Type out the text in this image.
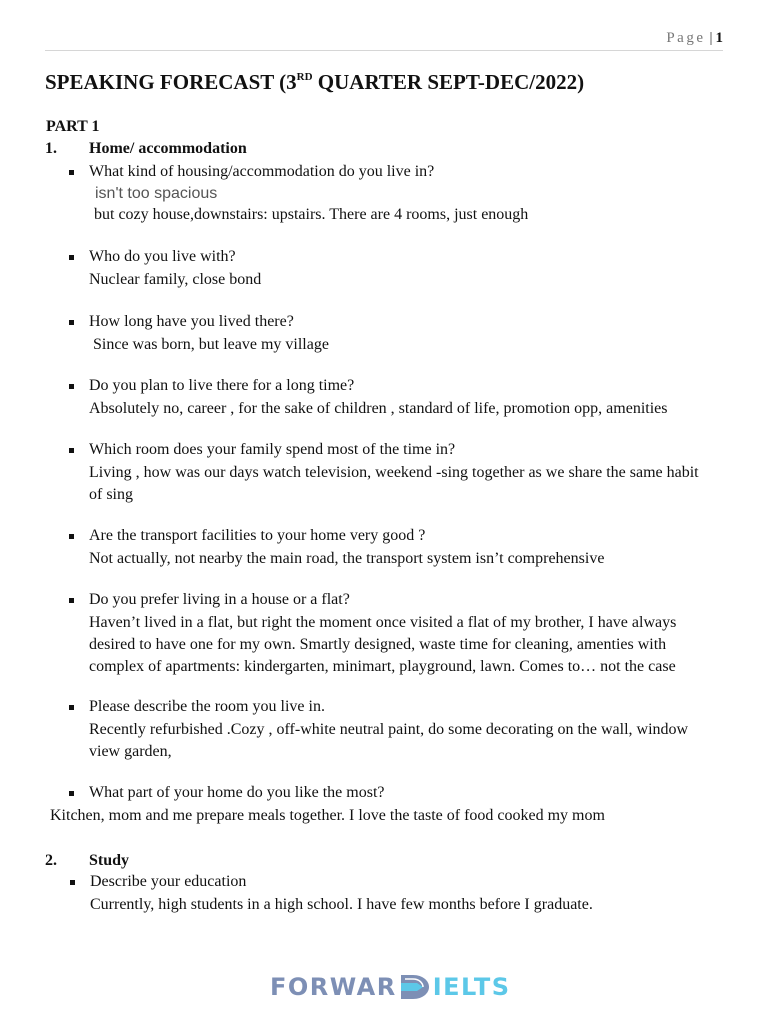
Page | 1
SPEAKING FORECAST (3RD QUARTER SEPT-DEC/2022)
PART 1
1. Home/ accommodation
What kind of housing/accommodation do you live in?
isn't too spacious
but cozy house,downstairs: upstairs. There are 4 rooms, just enough
Who do you live with?
Nuclear family, close bond
How long have you lived there?
Since was born, but leave my village
Do you plan to live there for a long time?
Absolutely no, career , for the sake of children , standard of life, promotion opp, amenities
Which room does your family spend most of the time in?
Living , how was our days watch television, weekend -sing together as we share the same habit of sing
Are the transport facilities to your home very good ?
Not actually, not nearby the main road, the transport system isn’t comprehensive
Do you prefer living in a house or a flat?
Haven’t lived in a flat, but right the moment once visited a flat of my brother, I have always desired to have one for my own. Smartly designed, waste time for cleaning, amenties with complex of apartments: kindergarten, minimart, playground, lawn. Comes to… not the case
Please describe the room you live in.
Recently refurbished .Cozy , off-white neutral paint, do some decorating on the wall, window view garden,
What part of your home do you like the most?
Kitchen, mom and me prepare meals together. I love the taste of food cooked my mom
2. Study
Describe your education
Currently, high students in a high school. I have few months before I graduate.
FORWAR IELTS
